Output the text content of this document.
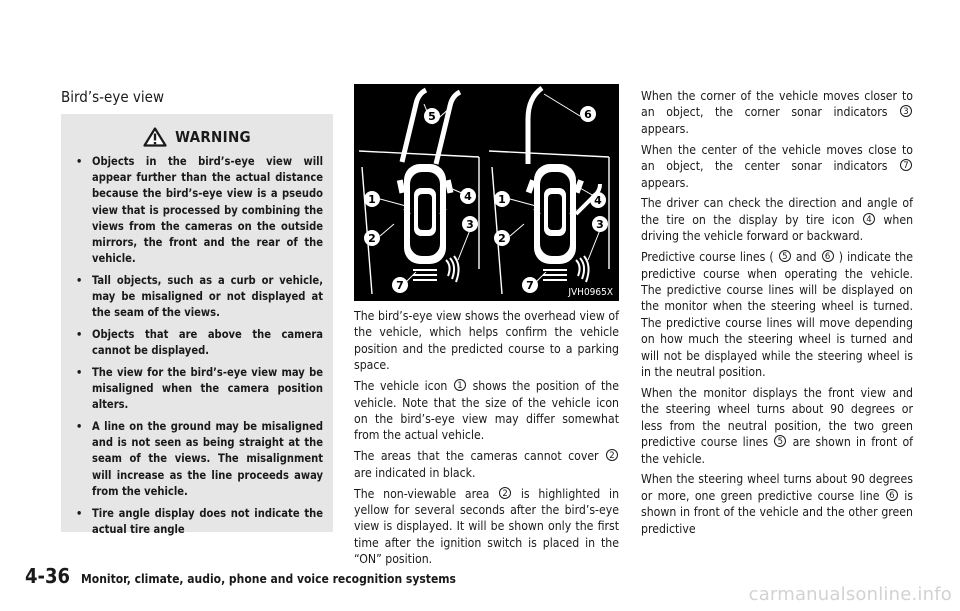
Bird’s-eye view
WARNING
• Objects in the bird’s-eye view will appear further than the actual distance because the bird’s-eye view is a pseudo view that is processed by combining the views from the cameras on the outside mirrors, the front and the rear of the vehicle.
• Tall objects, such as a curb or vehicle, may be misaligned or not displayed at the seam of the views.
• Objects that are above the camera cannot be displayed.
• The view for the bird’s-eye view may be misaligned when the camera position alters.
• A line on the ground may be misaligned and is not seen as being straight at the seam of the views. The misalignment will increase as the line proceeds away from the vehicle.
• Tire angle display does not indicate the actual tire angle
1
2
3
4
5
7
1
2
3
4
6
7
JVH0965X

The bird’s-eye view shows the overhead view of the vehicle, which helps confirm the vehicle position and the predicted course to a parking space.

The vehicle icon 1 shows the position of the vehicle. Note that the size of the vehicle icon on the bird’s-eye view may differ somewhat from the actual vehicle.

The areas that the cameras cannot cover 2 are indicated in black.

The non-viewable area 2 is highlighted in yellow for several seconds after the bird’s-eye view is displayed. It will be shown only the first time after the ignition switch is placed in the “ON” position.

When the corner of the vehicle moves closer to an object, the corner sonar indicators 3 appears.

When the center of the vehicle moves close to an object, the center sonar indicators 7 appears.

The driver can check the direction and angle of the tire on the display by tire icon 4 when driving the vehicle forward or backward.

Predictive course lines ( 5 and 6 ) indicate the predictive course when operating the vehicle. The predictive course lines will be displayed on the monitor when the steering wheel is turned. The predictive course lines will move depending on how much the steering wheel is turned and will not be displayed while the steering wheel is in the neutral position.

When the monitor displays the front view and the steering wheel turns about 90 degrees or less from the neutral position, the two green predictive course lines 5 are shown in front of the vehicle.

When the steering wheel turns about 90 degrees or more, one green predictive course line 6 is shown in front of the vehicle and the other green predictive

4-36 Monitor, climate, audio, phone and voice recognition systems
carmanualsonline.info
